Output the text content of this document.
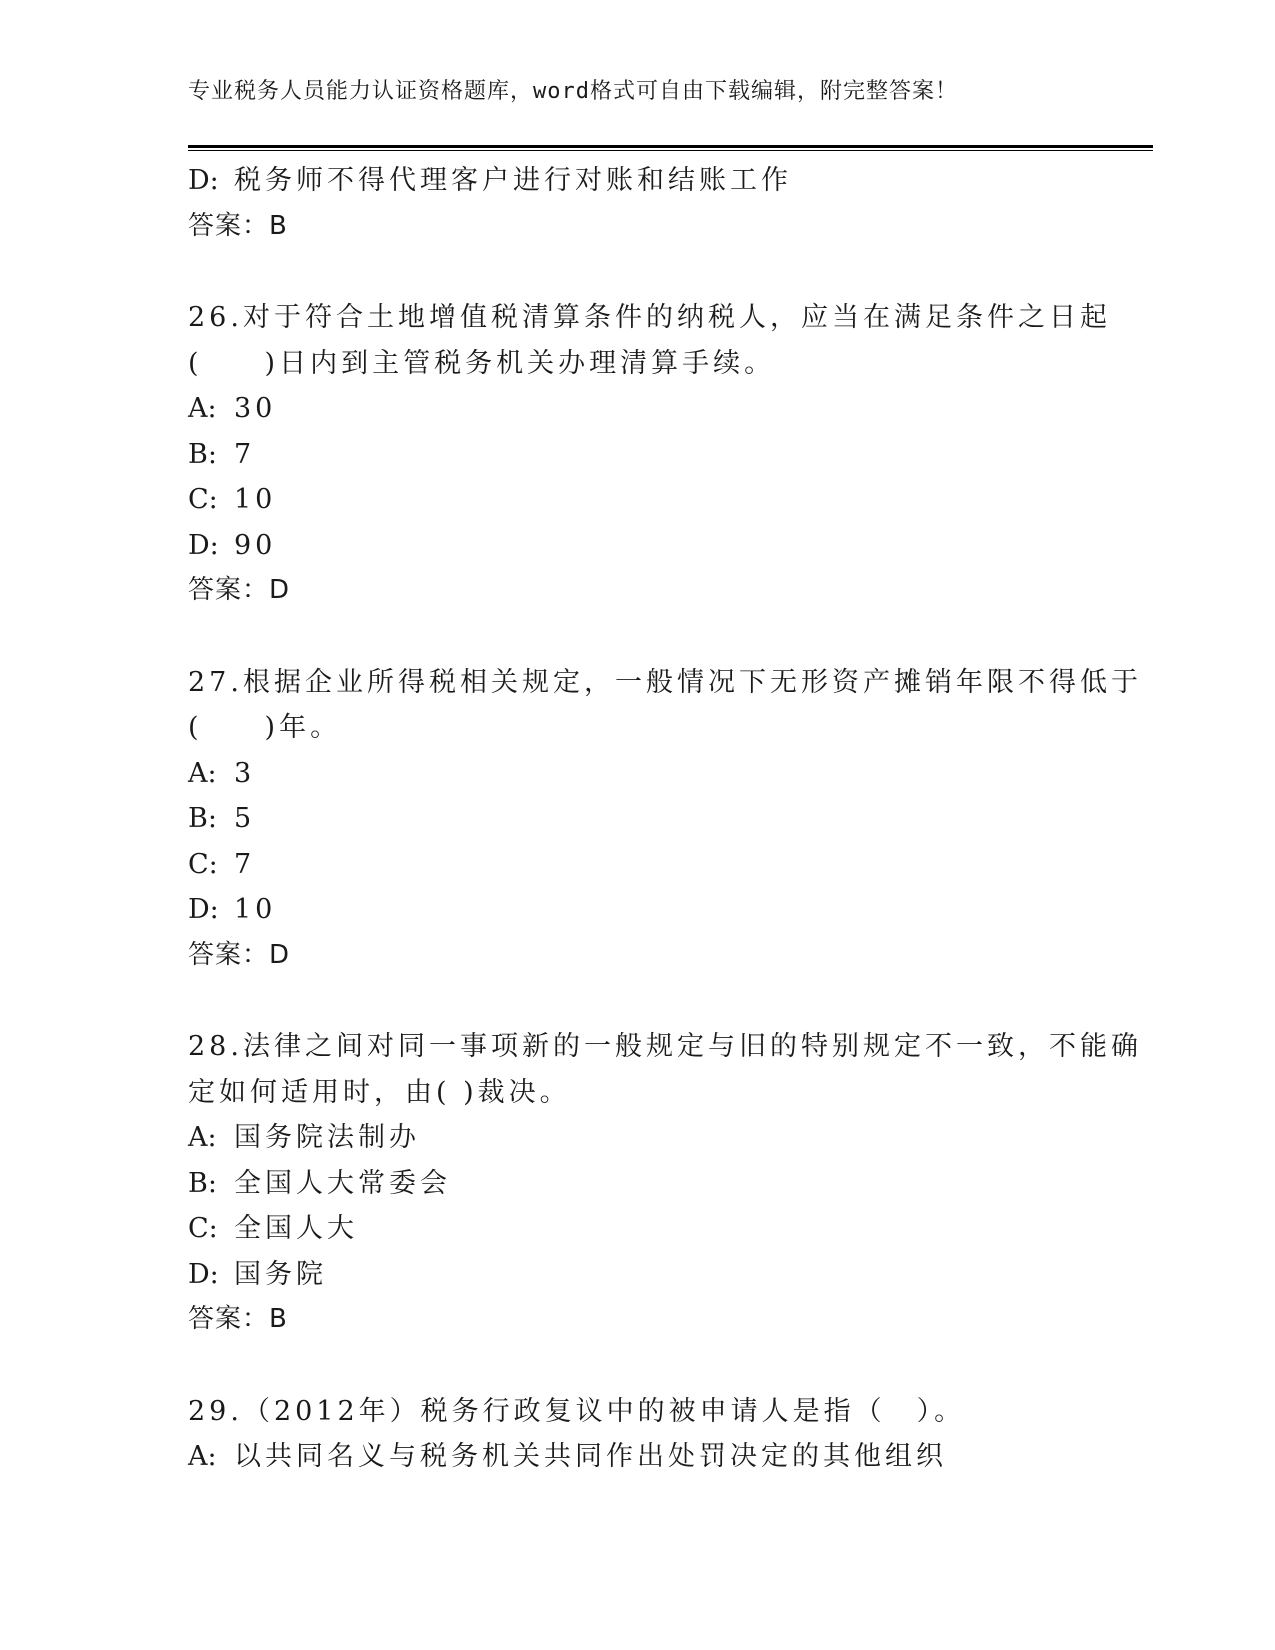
专业税务人员能力认证资格题库，word格式可自由下载编辑，附完整答案！
D: 税务师不得代理客户进行对账和结账工作
答案：B
26.对于符合土地增值税清算条件的纳税人，应当在满足条件之日起
(　　)日内到主管税务机关办理清算手续。
A: 30
B: 7
C: 10
D: 90
答案：D
27.根据企业所得税相关规定，一般情况下无形资产摊销年限不得低于
(　　)年。
A: 3
B: 5
C: 7
D: 10
答案：D
28.法律之间对同一事项新的一般规定与旧的特别规定不一致，不能确
定如何适用时，由( )裁决。
A: 国务院法制办
B: 全国人大常委会
C: 全国人大
D: 国务院
答案：B
29.（2012年）税务行政复议中的被申请人是指（　）。
A: 以共同名义与税务机关共同作出处罚决定的其他组织
